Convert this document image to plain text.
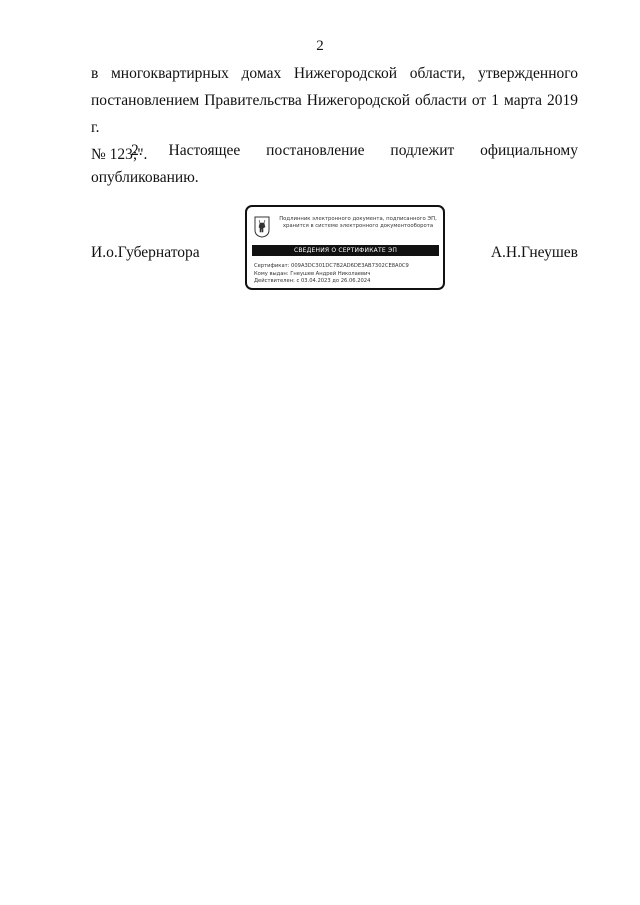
2
в многоквартирных домах Нижегородской области, утвержденного
постановлением Правительства Нижегородской области от 1 марта 2019 г.
№ 123;".
2. Настоящее постановление подлежит официальному
опубликованию.
И.о.Губернатора
Подлинник электронного документа, подписанного ЭП,
хранится в системе электронного документооборота
СВЕДЕНИЯ О СЕРТИФИКАТЕ ЭП
Сертификат: 009A3DC301DC7B2AD6DE3AB7302CE8A0C9
Кому выдан: Гнеушев Андрей Николаевич
Действителен: с 03.04.2023 до 26.06.2024
А.Н.Гнеушев
